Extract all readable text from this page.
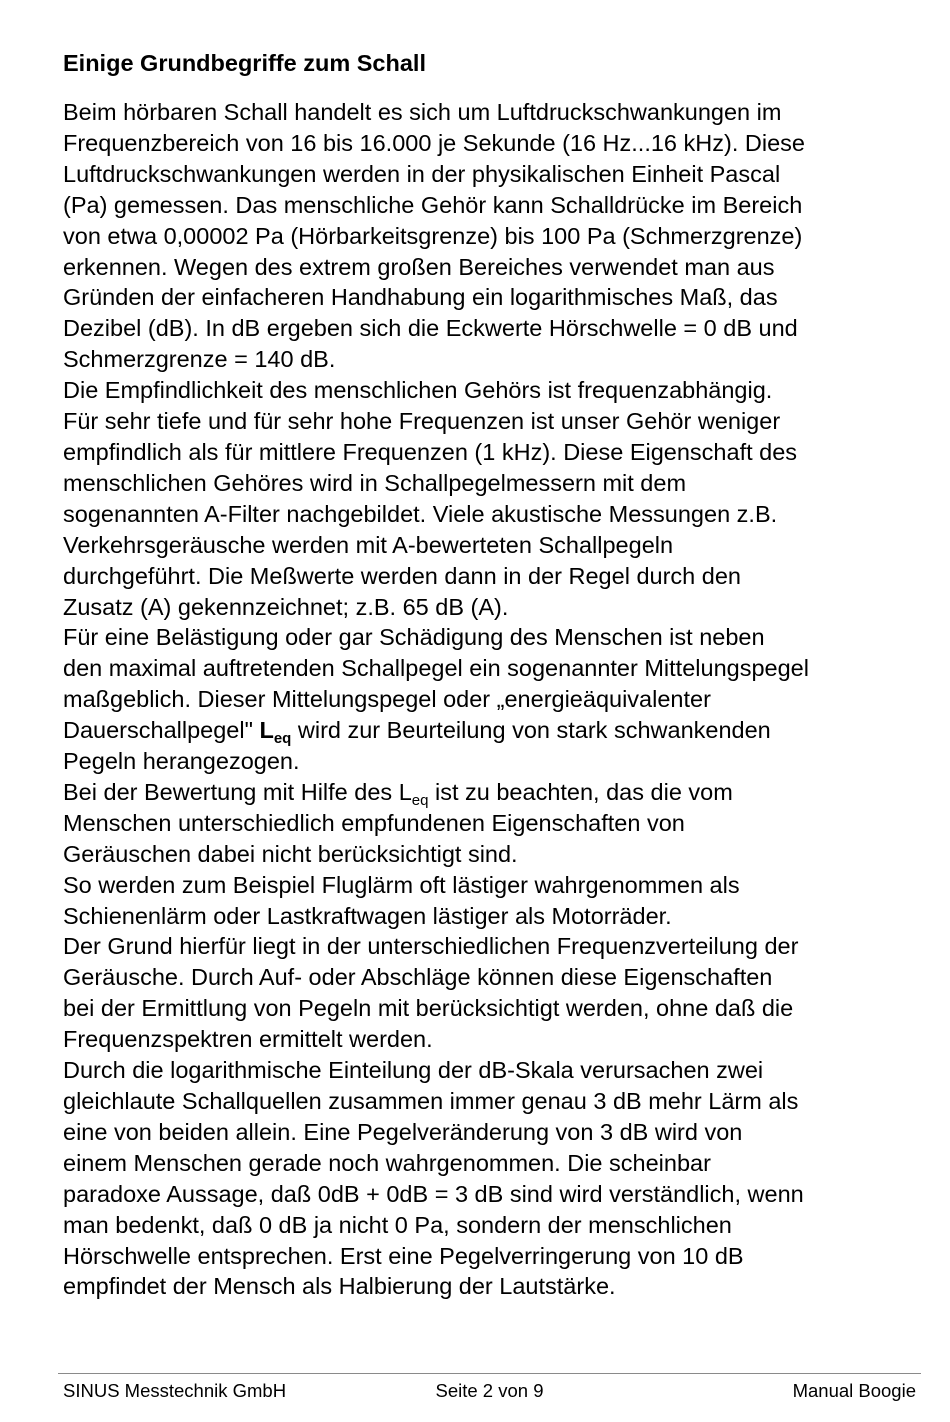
Einige Grundbegriffe zum Schall
Beim hörbaren Schall handelt es sich um Luftdruckschwankungen im
Frequenzbereich von 16 bis 16.000 je Sekunde (16 Hz...16 kHz). Diese
Luftdruckschwankungen werden in der physikalischen Einheit Pascal
(Pa) gemessen. Das menschliche Gehör kann Schalldrücke im Bereich
von etwa 0,00002 Pa (Hörbarkeitsgrenze) bis 100 Pa (Schmerzgrenze)
erkennen. Wegen des extrem großen Bereiches verwendet man aus
Gründen der einfacheren Handhabung ein logarithmisches Maß, das
Dezibel (dB). In dB ergeben sich die Eckwerte Hörschwelle = 0 dB und
Schmerzgrenze = 140 dB.
Die Empfindlichkeit des menschlichen Gehörs ist frequenzabhängig.
Für sehr tiefe und für sehr hohe Frequenzen ist unser Gehör weniger
empfindlich als für mittlere Frequenzen (1 kHz). Diese Eigenschaft des
menschlichen Gehöres wird in Schallpegelmessern mit dem
sogenannten A-Filter nachgebildet. Viele akustische Messungen z.B.
Verkehrsgeräusche werden mit A-bewerteten Schallpegeln
durchgeführt. Die Meßwerte werden dann in der Regel durch den
Zusatz (A) gekennzeichnet; z.B. 65 dB (A).
Für eine Belästigung oder gar Schädigung des Menschen ist neben
den maximal auftretenden Schallpegel ein sogenannter Mittelungspegel
maßgeblich. Dieser Mittelungspegel oder „energieäquivalenter
Dauerschallpegel" $L_{eq}$ wird zur Beurteilung von stark schwankenden
Pegeln herangezogen.
Bei der Bewertung mit Hilfe des $L_{eq}$ ist zu beachten, das die vom
Menschen unterschiedlich empfundenen Eigenschaften von
Geräuschen dabei nicht berücksichtigt sind.
So werden zum Beispiel Fluglärm oft lästiger wahrgenommen als
Schienenlärm oder Lastkraftwagen lästiger als Motorräder.
Der Grund hierfür liegt in der unterschiedlichen Frequenzverteilung der
Geräusche. Durch Auf- oder Abschläge können diese Eigenschaften
bei der Ermittlung von Pegeln mit berücksichtigt werden, ohne daß die
Frequenzspektren ermittelt werden.
Durch die logarithmische Einteilung der dB-Skala verursachen zwei
gleichlaute Schallquellen zusammen immer genau 3 dB mehr Lärm als
eine von beiden allein. Eine Pegelveränderung von 3 dB wird von
einem Menschen gerade noch wahrgenommen. Die scheinbar
paradoxe Aussage, daß 0dB + 0dB = 3 dB sind wird verständlich, wenn
man bedenkt, daß 0 dB ja nicht 0 Pa, sondern der menschlichen
Hörschwelle entsprechen. Erst eine Pegelverringerung von 10 dB
empfindet der Mensch als Halbierung der Lautstärke.
SINUS Messtechnik GmbH	Seite 2 von 9	Manual Boogie
